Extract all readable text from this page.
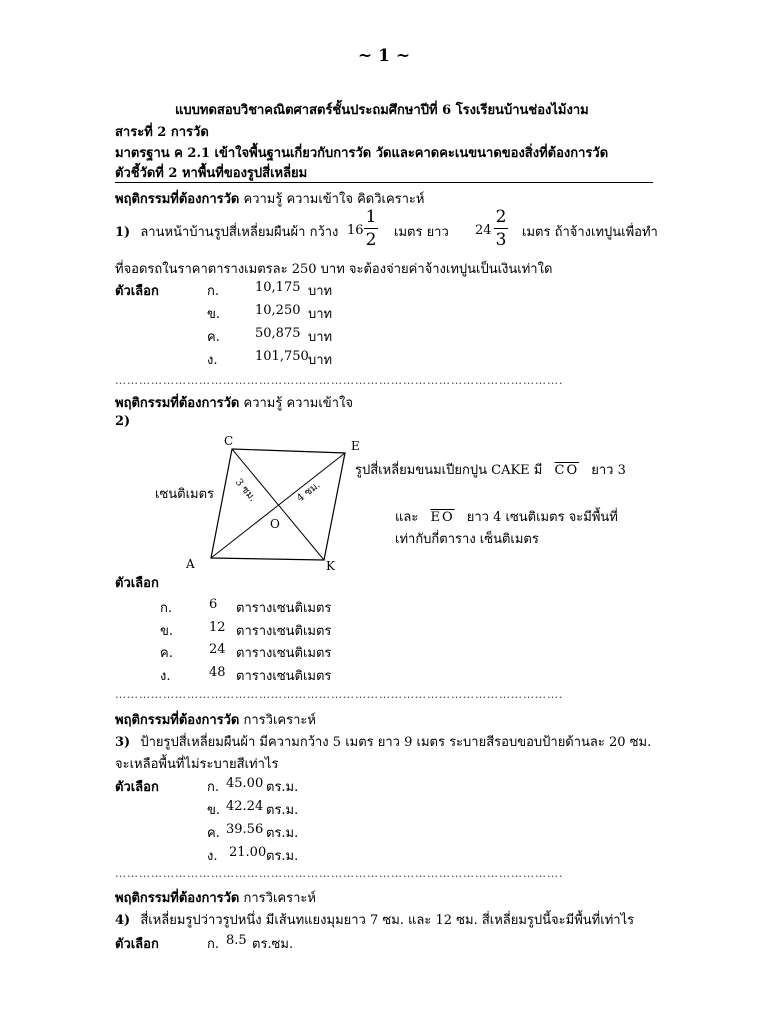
~ 1 ~
แบบทดสอบวิชาคณิตศาสตร์ชั้นประถมศึกษาปีที่ 6 โรงเรียนบ้านช่องไม้งาม
สาระที่ 2 การวัด
มาตรฐาน ค 2.1 เข้าใจพื้นฐานเกี่ยวกับการวัด วัดและคาดคะเนขนาดของสิ่งที่ต้องการวัด
ตัวชี้วัดที่ 2 หาพื้นที่ของรูปสี่เหลี่ยม
พฤติกรรมที่ต้องการวัด ความรู้ ความเข้าใจ คิดวิเคราะห์
1) ลานหน้าบ้านรูปสี่เหลี่ยมผืนผ้า กว้าง 16
1
2 เมตร ยาว 24
2
3 เมตร ถ้าจ้างเทปูนเพื่อทำ
ที่จอดรถในราคาตารางเมตรละ 250 บาท จะต้องจ่ายค่าจ้างเทปูนเป็นเงินเท่าใด
ตัวเลือก	ก.	10,175 บาท
ข.	10,250 บาท
ค.	50,875 บาท
ง.	101,750 บาท
………………………………………………………………………………………………….
พฤติกรรมที่ต้องการวัด ความรู้ ความเข้าใจ
2)
C	E
A	K
O
3 ซม.	4 ซม.
รูปสี่เหลี่ยมขนมเปียกปูน CAKE มี $\overline{CO}$ ยาว 3
เซนติเมตร
และ $\overline{EO}$ ยาว 4 เซนติเมตร จะมีพื้นที่
เท่ากับกี่ตาราง เซ็นติเมตร
ตัวเลือก
ก.	6 ตารางเซนติเมตร
ข.	12 ตารางเซนติเมตร
ค.	24 ตารางเซนติเมตร
ง.	48 ตารางเซนติเมตร
………………………………………………………………………………………………….
พฤติกรรมที่ต้องการวัด การวิเคราะห์
3) ป้ายรูปสี่เหลี่ยมผืนผ้า มีความกว้าง 5 เมตร ยาว 9 เมตร ระบายสีรอบขอบป้ายด้านละ 20 ซม.
จะเหลือพื้นที่ไม่ระบายสีเท่าไร
ตัวเลือก	ก. 45.00 ตร.ม.
ข. 42.24 ตร.ม.
ค. 39.56 ตร.ม.
ง. 21.00 ตร.ม.
………………………………………………………………………………………………….
พฤติกรรมที่ต้องการวัด การวิเคราะห์
4) สี่เหลี่ยมรูปว่าวรูปหนึ่ง มีเส้นทแยงมุมยาว 7 ซม. และ 12 ซม. สี่เหลี่ยมรูปนี้จะมีพื้นที่เท่าไร
ตัวเลือก	ก. 8.5 ตร.ซม.
